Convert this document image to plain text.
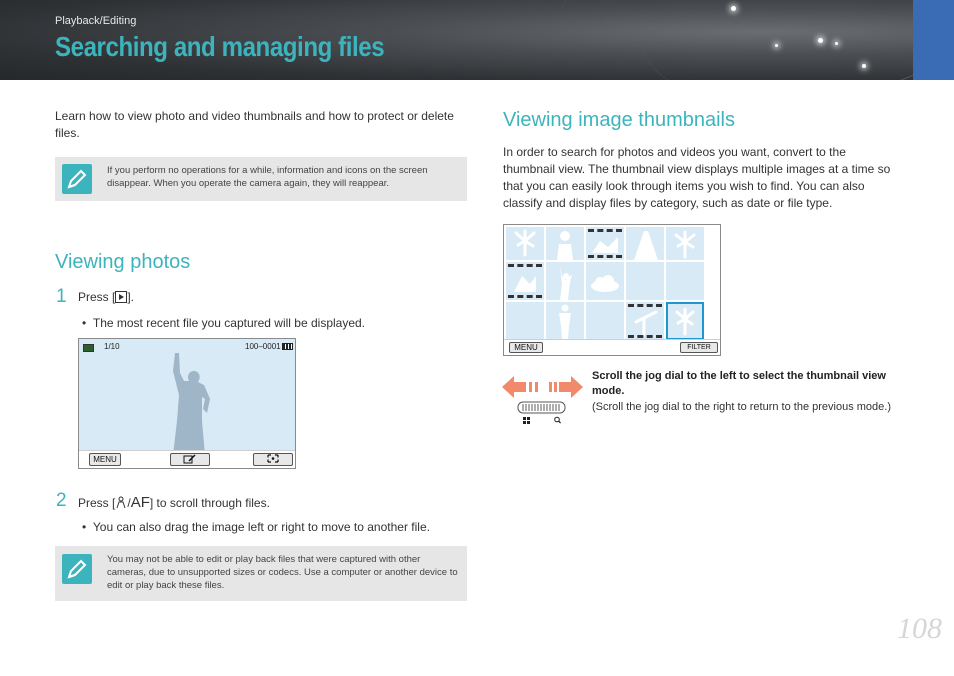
Playback/Editing
Searching and managing files
Learn how to view photo and video thumbnails and how to protect or delete files.
If you perform no operations for a while, information and icons on the screen disappear. When you operate the camera again, they will reappear.
Viewing photos
1 Press [ ].
•  The most recent file you captured will be displayed.
1/10	100–0001
MENU
2 Press [ /AF] to scroll through files.
•  You can also drag the image left or right to move to another file.
You may not be able to edit or play back files that were captured with other cameras, due to unsupported sizes or codecs. Use a computer or another device to edit or play back these files.
Viewing image thumbnails
In order to search for photos and videos you want, convert to the thumbnail view. The thumbnail view displays multiple images at a time so that you can easily look through items you wish to find. You can also classify and display files by category, such as date or file type.
MENU	FILTER
Scroll the jog dial to the left to select the thumbnail view mode.
(Scroll the jog dial to the right to return to the previous mode.)
108
